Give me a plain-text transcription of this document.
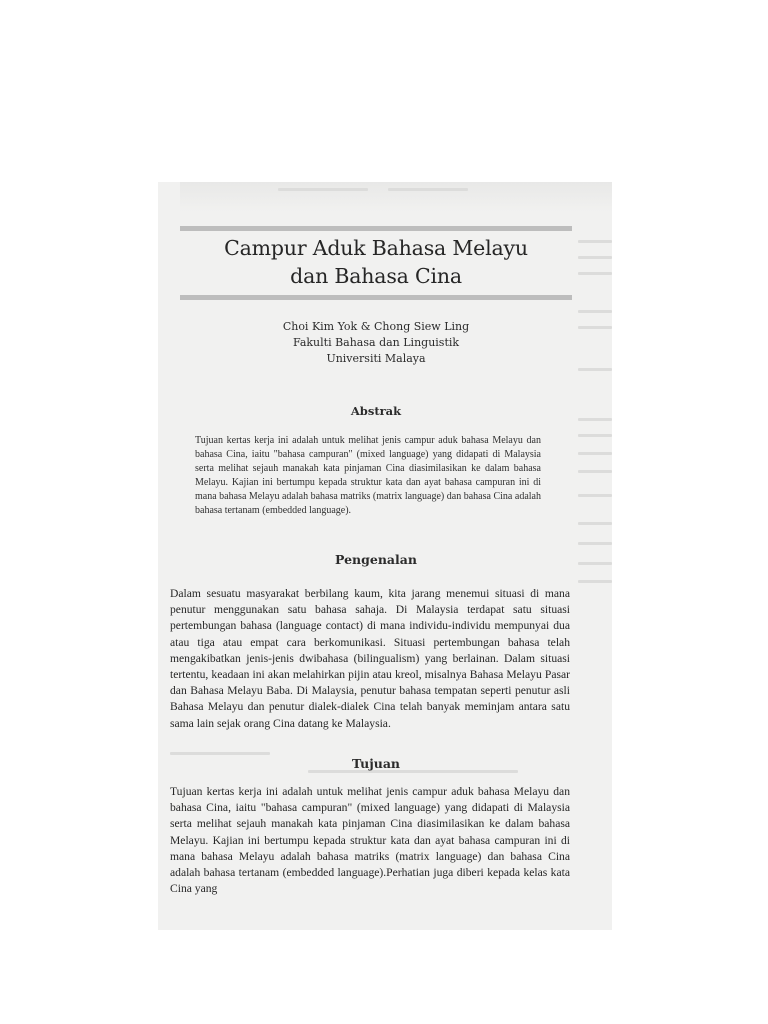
Campur Aduk Bahasa Melayu
dan Bahasa Cina
Choi Kim Yok & Chong Siew Ling
Fakulti Bahasa dan Linguistik
Universiti Malaya
Abstrak

Tujuan kertas kerja ini adalah untuk melihat jenis campur aduk bahasa Melayu dan bahasa Cina, iaitu "bahasa campuran" (mixed language) yang didapati di Malaysia serta melihat sejauh manakah kata pinjaman Cina diasimilasikan ke dalam bahasa Melayu. Kajian ini bertumpu kepada struktur kata dan ayat bahasa campuran ini di mana bahasa Melayu adalah bahasa matriks (matrix language) dan bahasa Cina adalah bahasa tertanam (embedded language).

Pengenalan

Dalam sesuatu masyarakat berbilang kaum, kita jarang menemui situasi di mana penutur menggunakan satu bahasa sahaja. Di Malaysia terdapat satu situasi pertembungan bahasa (language contact) di mana individu-individu mempunyai dua atau tiga atau empat cara berkomunikasi. Situasi pertembungan bahasa telah mengakibatkan jenis-jenis dwibahasa (bilingualism) yang berlainan. Dalam situasi tertentu, keadaan ini akan melahirkan pijin atau kreol, misalnya Bahasa Melayu Pasar dan Bahasa Melayu Baba. Di Malaysia, penutur bahasa tempatan seperti penutur asli Bahasa Melayu dan penutur dialek-dialek Cina telah banyak meminjam antara satu sama lain sejak orang Cina datang ke Malaysia.

Tujuan

Tujuan kertas kerja ini adalah untuk melihat jenis campur aduk bahasa Melayu dan bahasa Cina, iaitu "bahasa campuran" (mixed language) yang didapati di Malaysia serta melihat sejauh manakah kata pinjaman Cina diasimilasikan ke dalam bahasa Melayu. Kajian ini bertumpu kepada struktur kata dan ayat bahasa campuran ini di mana bahasa Melayu adalah bahasa matriks (matrix language) dan bahasa Cina adalah bahasa tertanam (embedded language).Perhatian juga diberi kepada kelas kata Cina yang
